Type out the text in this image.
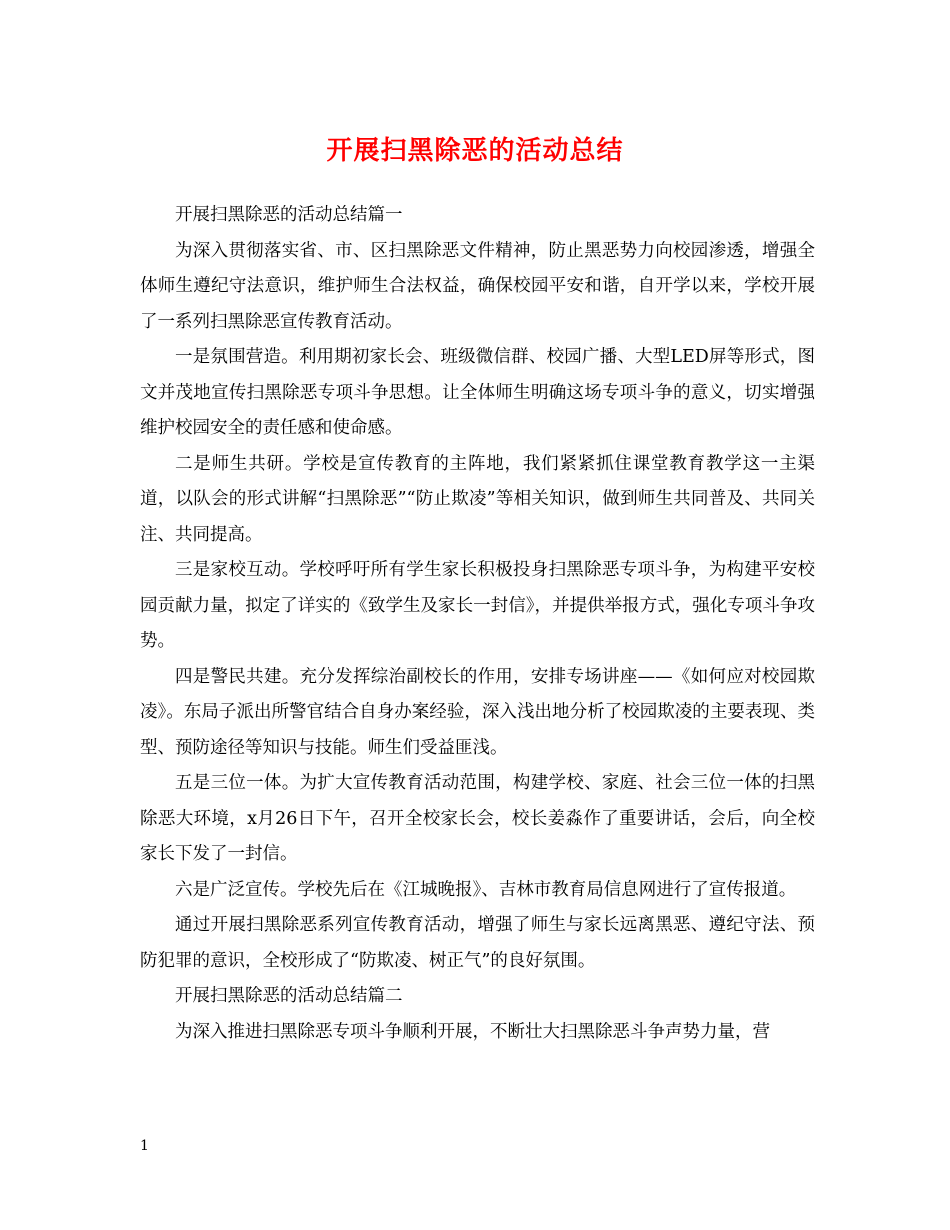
开展扫黑除恶的活动总结

开展扫黑除恶的活动总结篇一

为深入贯彻落实省、市、区扫黑除恶文件精神，防止黑恶势力向校园渗透，增强全体师生遵纪守法意识，维护师生合法权益，确保校园平安和谐，自开学以来，学校开展了一系列扫黑除恶宣传教育活动。

一是氛围营造。利用期初家长会、班级微信群、校园广播、大型LED屏等形式，图文并茂地宣传扫黑除恶专项斗争思想。让全体师生明确这场专项斗争的意义，切实增强维护校园安全的责任感和使命感。

二是师生共研。学校是宣传教育的主阵地，我们紧紧抓住课堂教育教学这一主渠道，以队会的形式讲解“扫黑除恶”“防止欺凌”等相关知识，做到师生共同普及、共同关注、共同提高。

三是家校互动。学校呼吁所有学生家长积极投身扫黑除恶专项斗争，为构建平安校园贡献力量，拟定了详实的《致学生及家长一封信》，并提供举报方式，强化专项斗争攻势。

四是警民共建。充分发挥综治副校长的作用，安排专场讲座——《如何应对校园欺凌》。东局子派出所警官结合自身办案经验，深入浅出地分析了校园欺凌的主要表现、类型、预防途径等知识与技能。师生们受益匪浅。

五是三位一体。为扩大宣传教育活动范围，构建学校、家庭、社会三位一体的扫黑除恶大环境，x月26日下午，召开全校家长会，校长姜淼作了重要讲话，会后，向全校家长下发了一封信。

六是广泛宣传。学校先后在《江城晚报》、吉林市教育局信息网进行了宣传报道。

通过开展扫黑除恶系列宣传教育活动，增强了师生与家长远离黑恶、遵纪守法、预防犯罪的意识，全校形成了“防欺凌、树正气”的良好氛围。

开展扫黑除恶的活动总结篇二

为深入推进扫黑除恶专项斗争顺利开展，不断壮大扫黑除恶斗争声势力量，营

1
